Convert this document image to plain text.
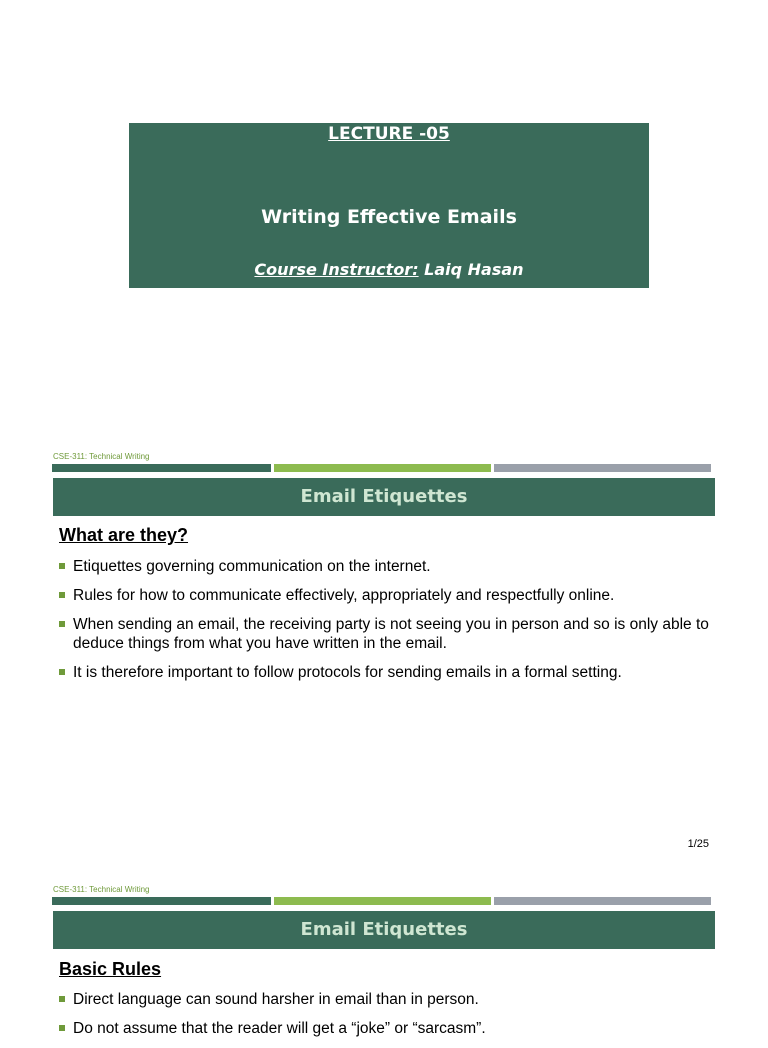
LECTURE -05
Writing Effective Emails
Course Instructor: Laiq Hasan
CSE-311: Technical Writing
Email Etiquettes
What are they?
Etiquettes governing communication on the internet.
Rules for how to communicate effectively, appropriately and respectfully online.
When sending an email, the receiving party is not seeing you in person and so is only able to deduce things from what you have written in the email.
It is therefore important to follow protocols for sending emails in a formal setting.
1/25
CSE-311: Technical Writing
Email Etiquettes
Basic Rules
Direct language can sound harsher in email than in person.
Do not assume that the reader will get a “joke” or “sarcasm”.
